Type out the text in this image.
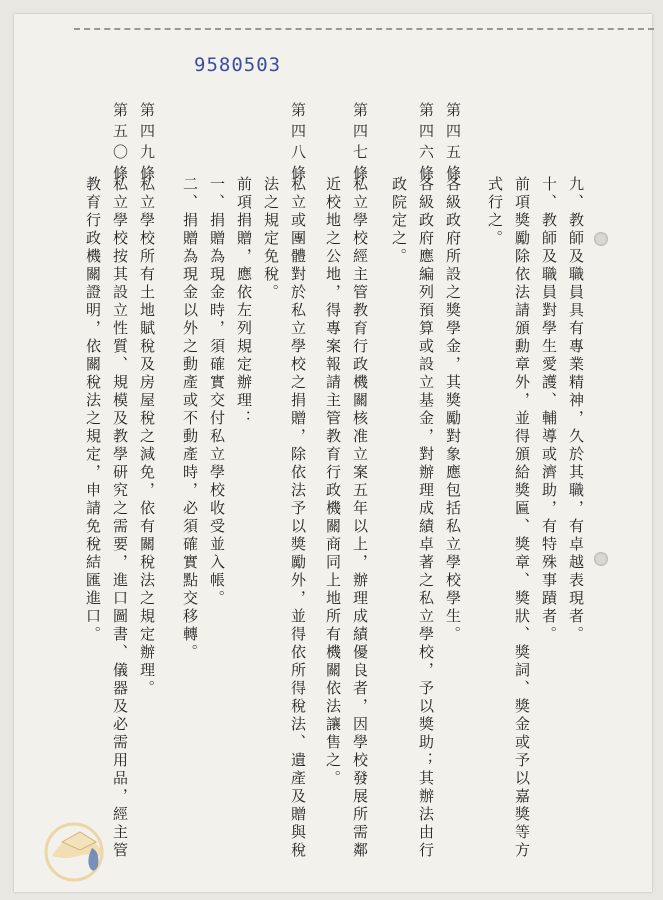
9580503
九、教師及職員具有專業精神，久於其職，有卓越表現者。
十、教師及職員對學生愛護、輔導或濟助，有特殊事蹟者。
前項獎勵除依法請頒勳章外，並得頒給獎匾、獎章、獎狀、獎詞、獎金或予以嘉獎等方
式行之。
第四五條
各級政府所設之獎學金，其獎勵對象應包括私立學校學生。
第四六條
各級政府應編列預算或設立基金，對辦理成績卓著之私立學校，予以獎助；其辦法由行
政院定之。
第四七條
私立學校經主管教育行政機關核准立案五年以上，辦理成績優良者，因學校發展所需鄰
近校地之公地，得專案報請主管教育行政機關商同上地所有機關依法讓售之。
第四八條
私立或團體對於私立學校之捐贈，除依法予以獎勵外，並得依所得稅法、遺產及贈與稅
法之規定免稅。
前項捐贈，應依左列規定辦理：
一、捐贈為現金時，須確實交付私立學校收受並入帳。
二、捐贈為現金以外之動產或不動產時，必須確實點交移轉。
第四九條
私立學校所有土地賦稅及房屋稅之減免，依有關稅法之規定辦理。
第五〇條
私立學校按其設立性質、規模及教學研究之需要，進口圖書、儀器及必需用品，經主管
教育行政機關證明，依關稅法之規定，申請免稅結匯進口。
